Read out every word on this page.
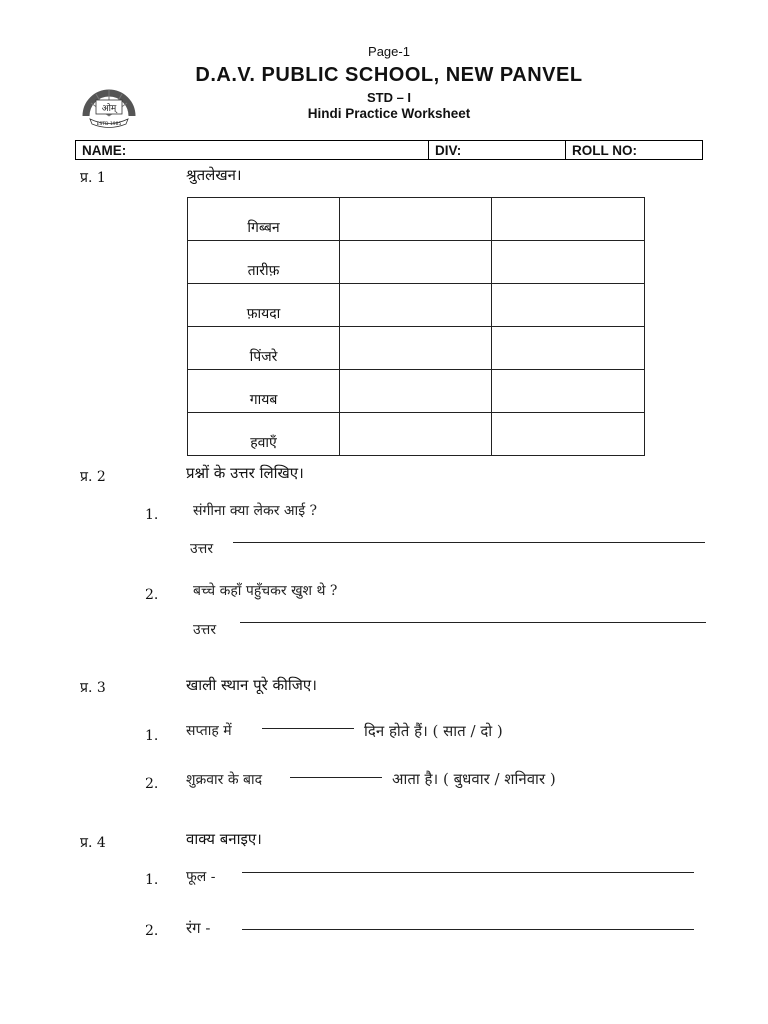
Page-1
D.A.V. PUBLIC SCHOOL, NEW PANVEL
STD – I
Hindi Practice Worksheet
ओम्
ESTD 1985
NAME:	DIV:	ROLL NO:
प्र. 1	श्रुतलेखन।
गिब्बन		
तारीफ़		
फ़ायदा		
पिंजरे		
गायब		
हवाएँ		
प्र. 2	प्रश्नों के उत्तर लिखिए।
1. संगीना क्या लेकर आई ?
उत्तर
2. बच्चे कहाँ पहुँचकर खुश थे ?
उत्तर
प्र. 3	खाली स्थान पूरे कीजिए।
1. सप्ताह में	दिन होते हैं। ( सात / दो )
2. शुक्रवार के बाद	आता है। ( बुधवार / शनिवार )
प्र. 4	वाक्य बनाइए।
1. फूल -
2. रंग -
